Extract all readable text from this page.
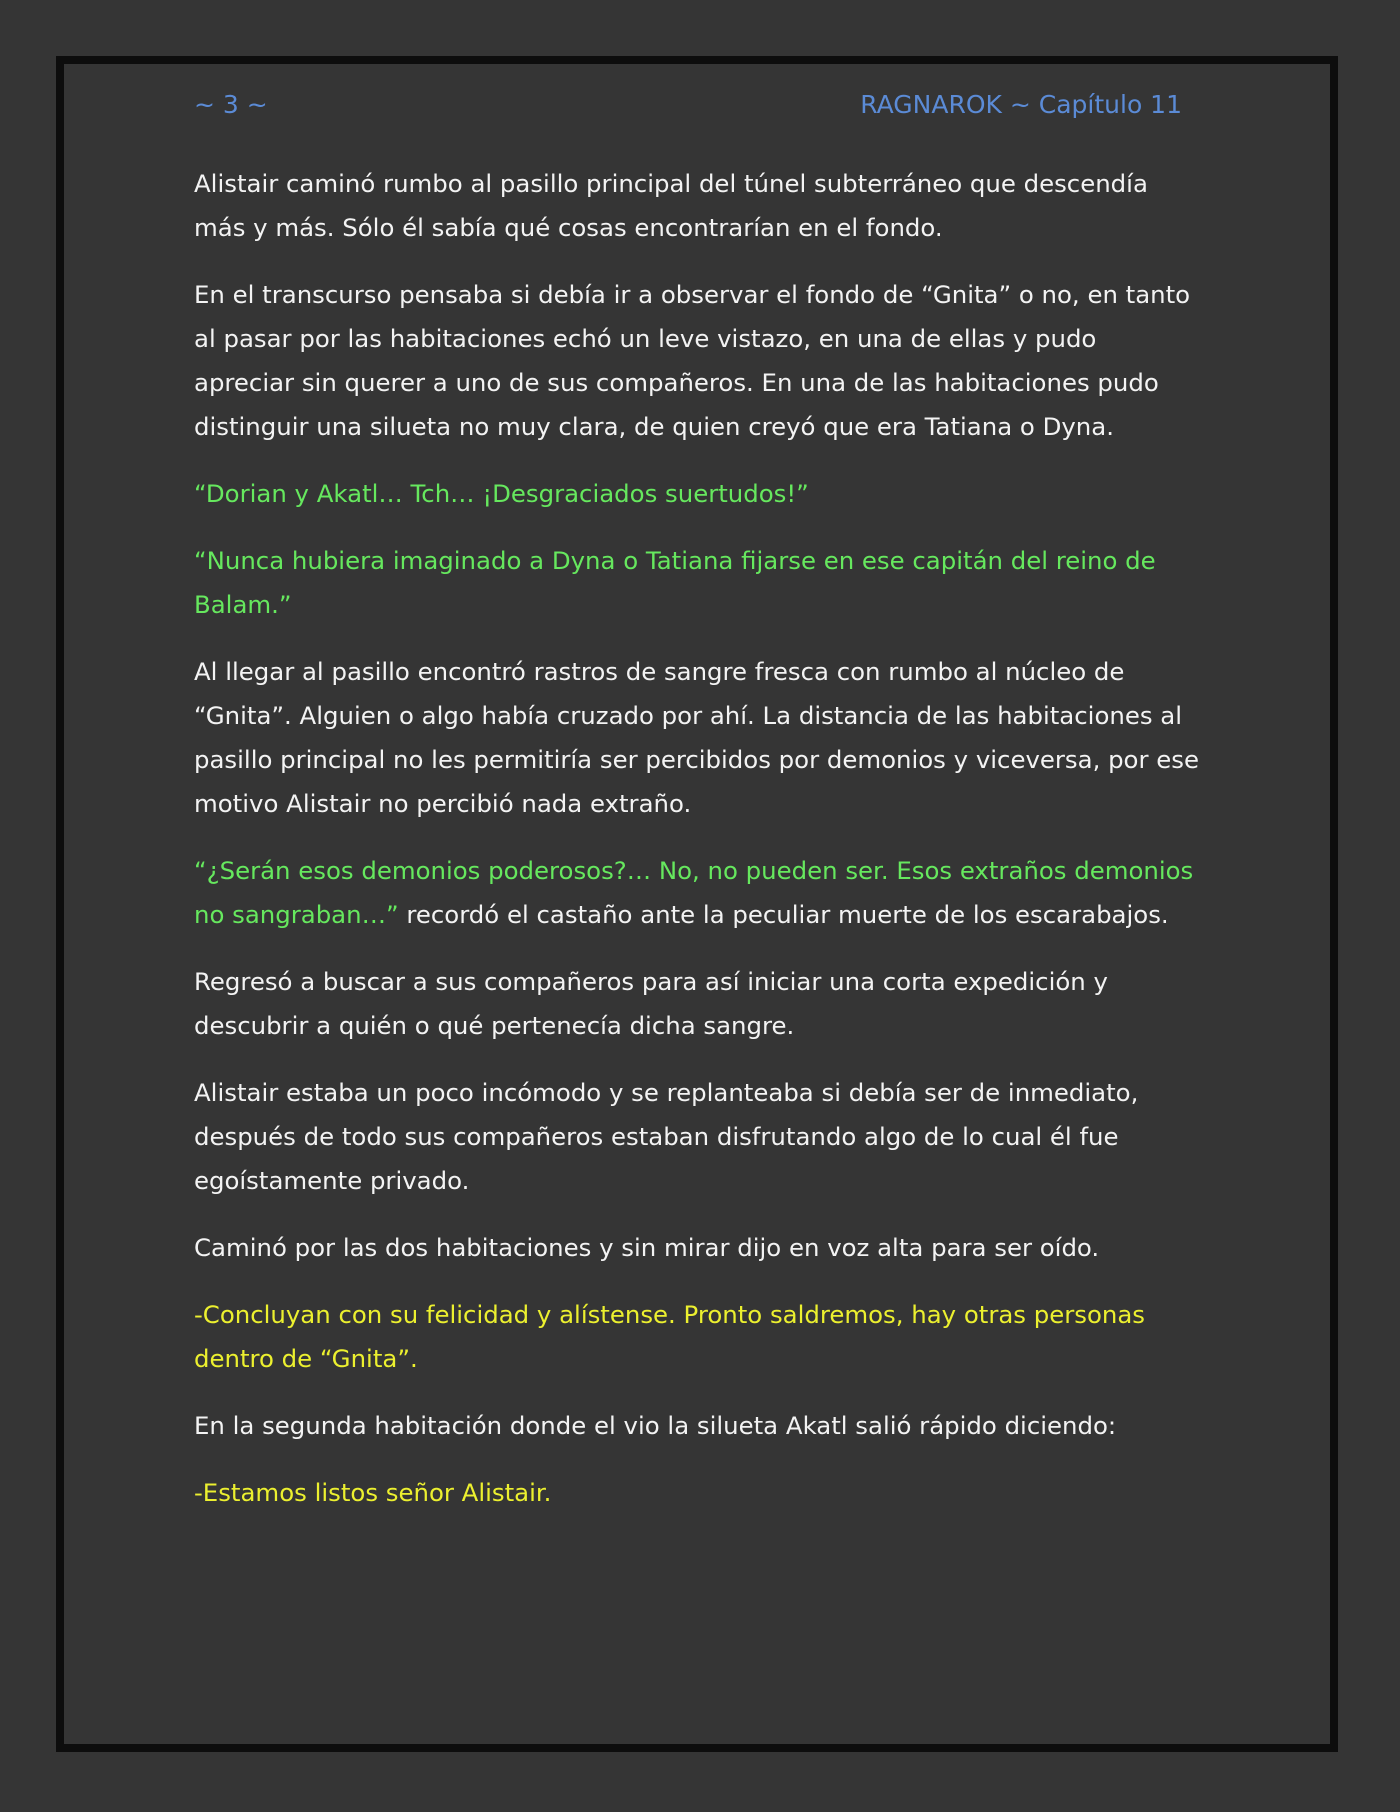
~ 3 ~	RAGNAROK ~ Capítulo 11

Alistair caminó rumbo al pasillo principal del túnel subterráneo que descendía más y más. Sólo él sabía qué cosas encontrarían en el fondo.

En el transcurso pensaba si debía ir a observar el fondo de “Gnita” o no, en tanto al pasar por las habitaciones echó un leve vistazo, en una de ellas y pudo apreciar sin querer a uno de sus compañeros. En una de las habitaciones pudo distinguir una silueta no muy clara, de quien creyó que era Tatiana o Dyna.

“Dorian y Akatl… Tch… ¡Desgraciados suertudos!”

“Nunca hubiera imaginado a Dyna o Tatiana fijarse en ese capitán del reino de Balam.”

Al llegar al pasillo encontró rastros de sangre fresca con rumbo al núcleo de “Gnita”. Alguien o algo había cruzado por ahí. La distancia de las habitaciones al pasillo principal no les permitiría ser percibidos por demonios y viceversa, por ese motivo Alistair no percibió nada extraño.

“¿Serán esos demonios poderosos?… No, no pueden ser. Esos extraños demonios no sangraban…” recordó el castaño ante la peculiar muerte de los escarabajos.

Regresó a buscar a sus compañeros para así iniciar una corta expedición y descubrir a quién o qué pertenecía dicha sangre.

Alistair estaba un poco incómodo y se replanteaba si debía ser de inmediato, después de todo sus compañeros estaban disfrutando algo de lo cual él fue egoístamente privado.

Caminó por las dos habitaciones y sin mirar dijo en voz alta para ser oído.

-Concluyan con su felicidad y alístense. Pronto saldremos, hay otras personas dentro de “Gnita”.

En la segunda habitación donde el vio la silueta Akatl salió rápido diciendo:

-Estamos listos señor Alistair.
